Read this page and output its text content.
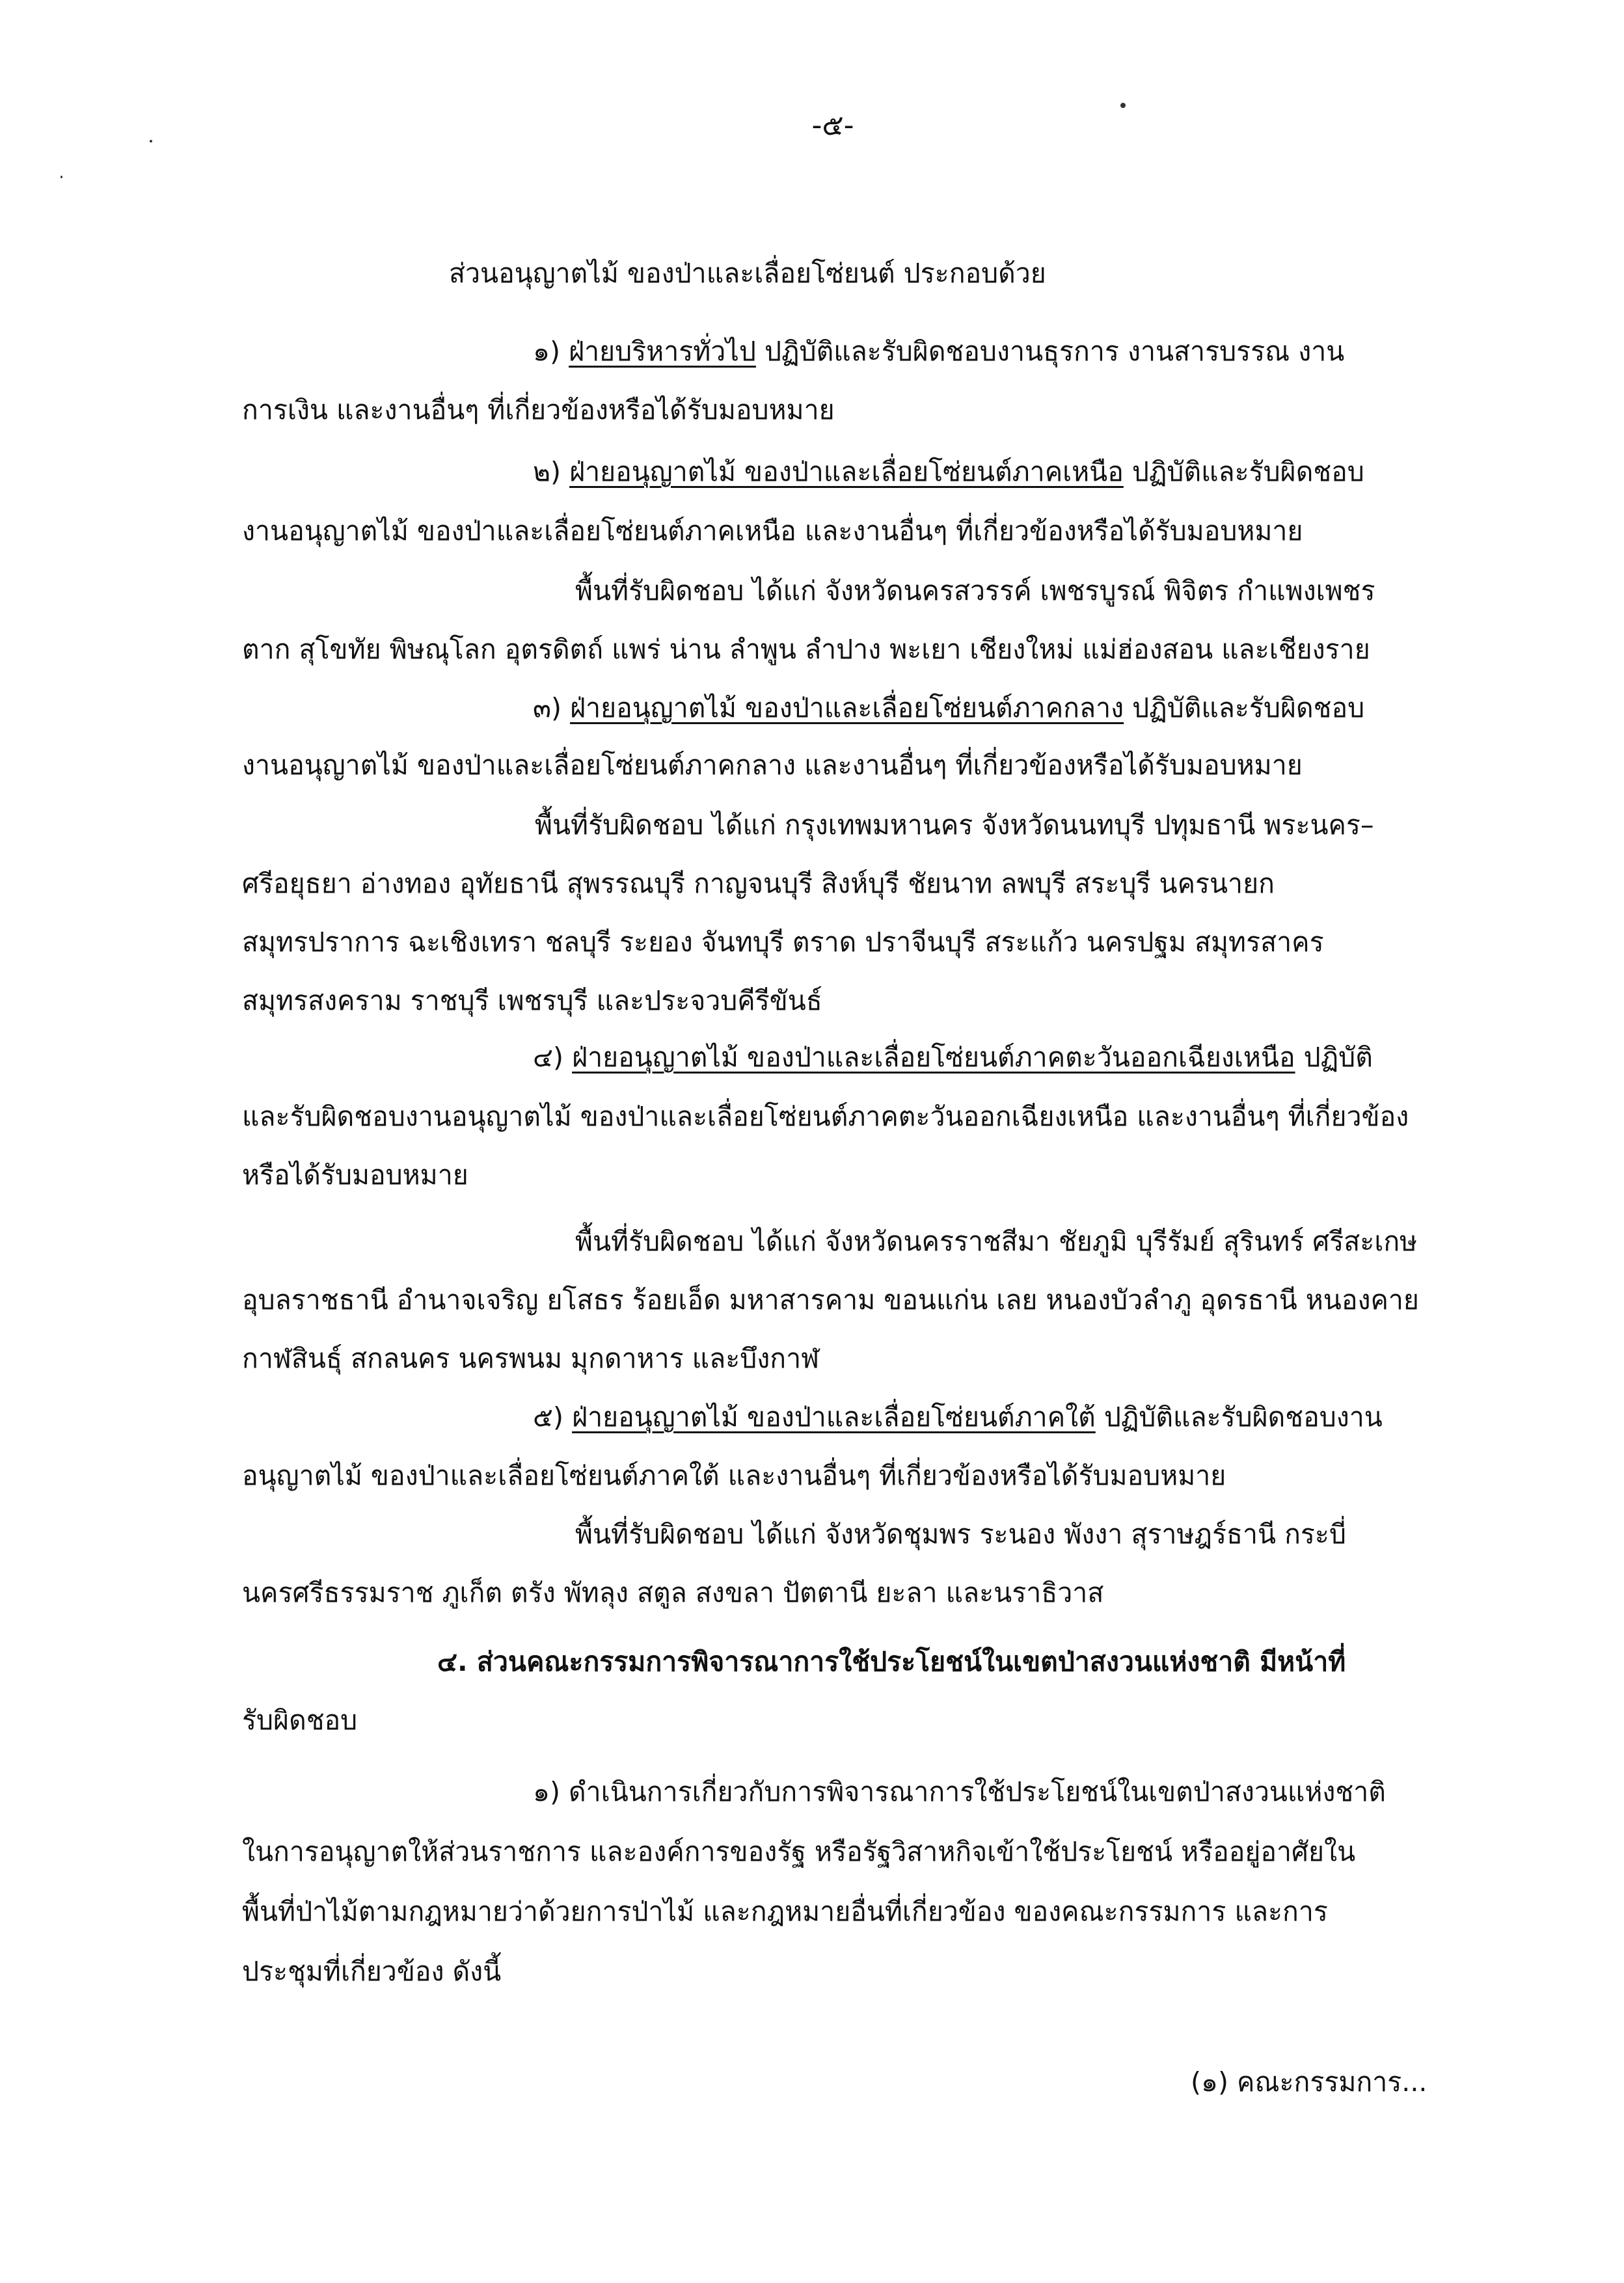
-๕-
ส่วนอนุญาตไม้ ของป่าและเลื่อยโซ่ยนต์ ประกอบด้วย
๑) ฝ่ายบริหารทั่วไป ปฏิบัติและรับผิดชอบงานธุรการ งานสารบรรณ งาน
การเงิน และงานอื่นๆ ที่เกี่ยวข้องหรือได้รับมอบหมาย
๒) ฝ่ายอนุญาตไม้ ของป่าและเลื่อยโซ่ยนต์ภาคเหนือ ปฏิบัติและรับผิดชอบ
งานอนุญาตไม้ ของป่าและเลื่อยโซ่ยนต์ภาคเหนือ และงานอื่นๆ ที่เกี่ยวข้องหรือได้รับมอบหมาย
พื้นที่รับผิดชอบ ได้แก่ จังหวัดนครสวรรค์ เพชรบูรณ์ พิจิตร กำแพงเพชร
ตาก สุโขทัย พิษณุโลก อุตรดิตถ์ แพร่ น่าน ลำพูน ลำปาง พะเยา เชียงใหม่ แม่ฮ่องสอน และเชียงราย
๓) ฝ่ายอนุญาตไม้ ของป่าและเลื่อยโซ่ยนต์ภาคกลาง ปฏิบัติและรับผิดชอบ
งานอนุญาตไม้ ของป่าและเลื่อยโซ่ยนต์ภาคกลาง และงานอื่นๆ ที่เกี่ยวข้องหรือได้รับมอบหมาย
พื้นที่รับผิดชอบ ได้แก่ กรุงเทพมหานคร จังหวัดนนทบุรี ปทุมธานี พระนคร–
ศรีอยุธยา อ่างทอง อุทัยธานี สุพรรณบุรี กาญจนบุรี สิงห์บุรี ชัยนาท ลพบุรี สระบุรี นครนายก
สมุทรปราการ ฉะเชิงเทรา ชลบุรี ระยอง จันทบุรี ตราด ปราจีนบุรี สระแก้ว นครปฐม สมุทรสาคร
สมุทรสงคราม ราชบุรี เพชรบุรี และประจวบคีรีขันธ์
๔) ฝ่ายอนุญาตไม้ ของป่าและเลื่อยโซ่ยนต์ภาคตะวันออกเฉียงเหนือ ปฏิบัติ
และรับผิดชอบงานอนุญาตไม้ ของป่าและเลื่อยโซ่ยนต์ภาคตะวันออกเฉียงเหนือ และงานอื่นๆ ที่เกี่ยวข้อง
หรือได้รับมอบหมาย
พื้นที่รับผิดชอบ ได้แก่ จังหวัดนครราชสีมา ชัยภูมิ บุรีรัมย์ สุรินทร์ ศรีสะเกษ
อุบลราชธานี อำนาจเจริญ ยโสธร ร้อยเอ็ด มหาสารคาม ขอนแก่น เลย หนองบัวลำภู อุดรธานี หนองคาย
กาฬสินธุ์ สกลนคร นครพนม มุกดาหาร และบึงกาฬ
๕) ฝ่ายอนุญาตไม้ ของป่าและเลื่อยโซ่ยนต์ภาคใต้ ปฏิบัติและรับผิดชอบงาน
อนุญาตไม้ ของป่าและเลื่อยโซ่ยนต์ภาคใต้ และงานอื่นๆ ที่เกี่ยวข้องหรือได้รับมอบหมาย
พื้นที่รับผิดชอบ ได้แก่ จังหวัดชุมพร ระนอง พังงา สุราษฎร์ธานี กระบี่
นครศรีธรรมราช ภูเก็ต ตรัง พัทลุง สตูล สงขลา ปัตตานี ยะลา และนราธิวาส
๔. ส่วนคณะกรรมการพิจารณาการใช้ประโยชน์ในเขตป่าสงวนแห่งชาติ มีหน้าที่
รับผิดชอบ
๑) ดำเนินการเกี่ยวกับการพิจารณาการใช้ประโยชน์ในเขตป่าสงวนแห่งชาติ
ในการอนุญาตให้ส่วนราชการ และองค์การของรัฐ หรือรัฐวิสาหกิจเข้าใช้ประโยชน์ หรืออยู่อาศัยใน
พื้นที่ป่าไม้ตามกฎหมายว่าด้วยการป่าไม้ และกฎหมายอื่นที่เกี่ยวข้อง ของคณะกรรมการ และการ
ประชุมที่เกี่ยวข้อง ดังนี้
(๑) คณะกรรมการ...
